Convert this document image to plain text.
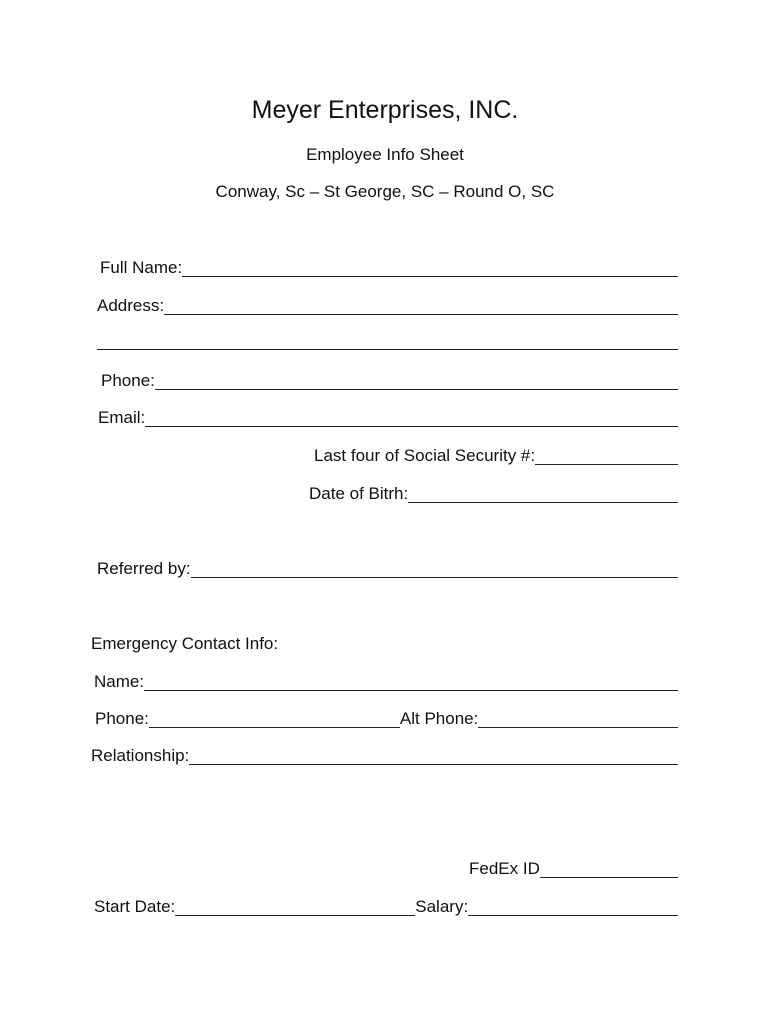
Meyer Enterprises, INC.
Employee Info Sheet
Conway, Sc – St George, SC – Round O, SC
Full Name:
Address:
Phone:
Email:
Last four of Social Security #:
Date of Bitrh:
Referred by:
Emergency Contact Info:
Name:
Phone:	Alt Phone:
Relationship:
FedEx ID
Start Date:	Salary:
